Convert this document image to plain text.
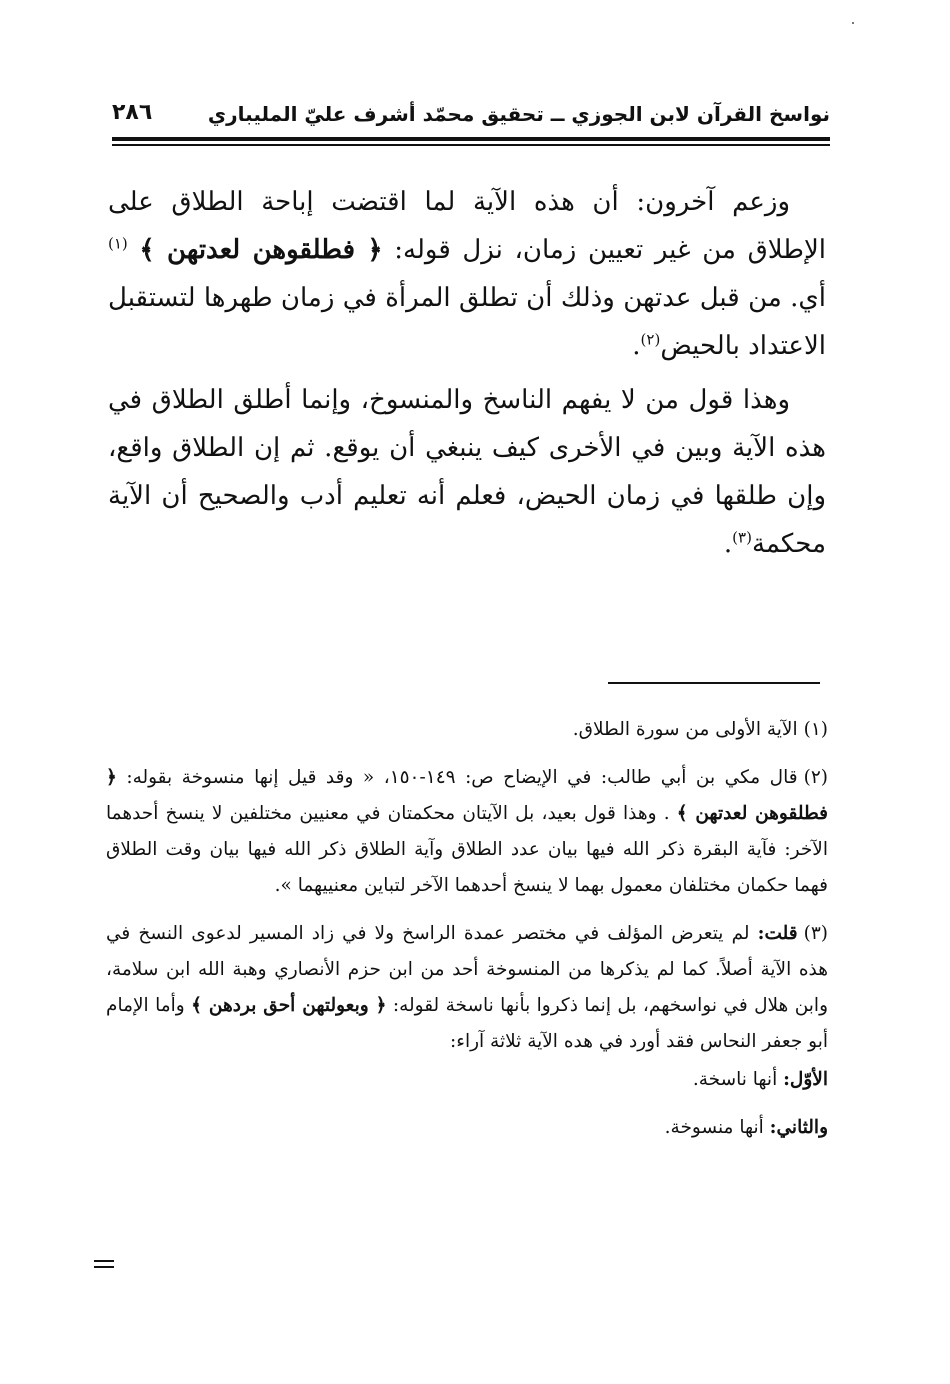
نواسخ القرآن لابن الجوزي ــ تحقيق محمّد أشرف عليّ المليباري
٢٨٦

وزعم آخرون: أن هذه الآية لما اقتضت إباحة الطلاق على الإطلاق من غير تعيين زمان، نزل قوله: ﴿ فطلقوهن لعدتهن ﴾ $^{(١)}$ أي. من قبل عدتهن وذلك أن تطلق المرأة في زمان طهرها لتستقبل الاعتداد بالحيض$^{(٢)}$.

وهذا قول من لا يفهم الناسخ والمنسوخ، وإنما أطلق الطلاق في هذه الآية وبين في الأخرى كيف ينبغي أن يوقع. ثم إن الطلاق واقع، وإن طلقها في زمان الحيض، فعلم أنه تعليم أدب والصحيح أن الآية محكمة$^{(٣)}$.

(١)الآية الأولى من سورة الطلاق.

(٢)قال مكي بن أبي طالب: في الإيضاح ص: ١٤٩-١٥٠، « وقد قيل إنها منسوخة بقوله: ﴿ فطلقوهن لعدتهن ﴾ . وهذا قول بعيد، بل الآيتان محكمتان في معنيين مختلفين لا ينسخ أحدهما الآخر: فآية البقرة ذكر الله فيها بيان عدد الطلاق وآية الطلاق ذكر الله فيها بيان وقت الطلاق فهما حكمان مختلفان معمول بهما لا ينسخ أحدهما الآخر لتباين معنييهما ».

(٣)قلت: لم يتعرض المؤلف في مختصر عمدة الراسخ ولا في زاد المسير لدعوى النسخ في هذه الآية أصلاً. كما لم يذكرها من المنسوخة أحد من ابن حزم الأنصاري وهبة الله ابن سلامة، وابن هلال في نواسخهم، بل إنما ذكروا بأنها ناسخة لقوله: ﴿ وبعولتهن أحق بردهن ﴾ وأما الإمام أبو جعفر النحاس فقد أورد في هده الآية ثلاثة آراء:

الأوّل: أنها ناسخة.

والثاني: أنها منسوخة.
